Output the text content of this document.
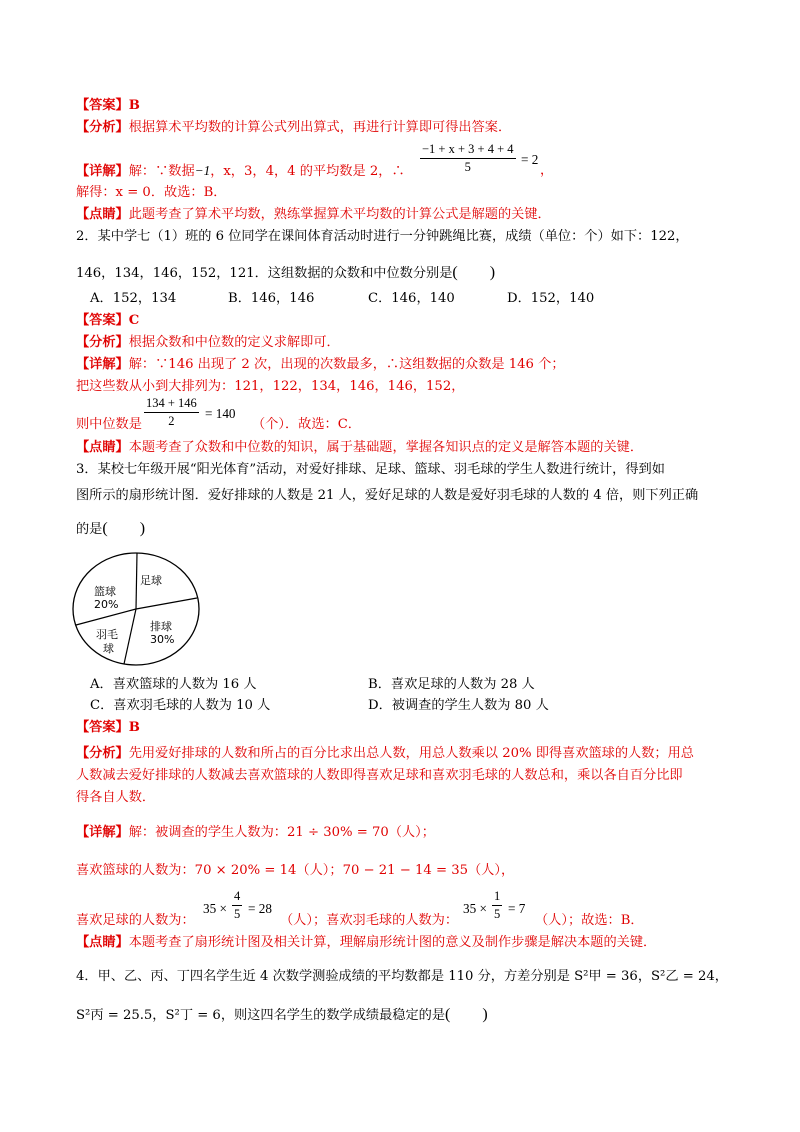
【答案】B
【分析】根据算术平均数的计算公式列出算式，再进行计算即可得出答案．
【详解】解：∵数据−1，x，3，4，4 的平均数是 2，∴
−1 + x + 3 + 4 + 4
5	= 2
，
解得：x = 0．故选：B．
【点睛】此题考查了算术平均数，熟练掌握算术平均数的计算公式是解题的关键．
2．某中学七（1）班的 6 位同学在课间体育活动时进行一分钟跳绳比赛，成绩（单位：个）如下：122，
146，134，146，152，121．这组数据的众数和中位数分别是(　　)
A．152，134	B．146，146	C．146，140	D．152，140
【答案】C
【分析】根据众数和中位数的定义求解即可．
【详解】解：∵146 出现了 2 次，出现的次数最多，∴这组数据的众数是 146 个；
把这些数从小到大排列为：121，122，134，146，146，152，
则中位数是
134 + 146
2	= 140
（个）．故选：C．
【点睛】本题考查了众数和中位数的知识，属于基础题，掌握各知识点的定义是解答本题的关键．
3．某校七年级开展“阳光体育”活动，对爱好排球、足球、篮球、羽毛球的学生人数进行统计，得到如
图所示的扇形统计图．爱好排球的人数是 21 人，爱好足球的人数是爱好羽毛球的人数的 4 倍，则下列正确
的是(　　)
足球
篮球
20%
排球
30%
羽毛
球
A．喜欢篮球的人数为 16 人	B．喜欢足球的人数为 28 人
C．喜欢羽毛球的人数为 10 人	D．被调查的学生人数为 80 人
【答案】B
【分析】先用爱好排球的人数和所占的百分比求出总人数，用总人数乘以 20% 即得喜欢篮球的人数；用总
人数减去爱好排球的人数减去喜欢篮球的人数即得喜欢足球和喜欢羽毛球的人数总和，乘以各自百分比即
得各自人数．
【详解】解：被调查的学生人数为：21 ÷ 30% = 70（人）；
喜欢篮球的人数为：70 × 20% = 14（人）；70 − 21 − 14 = 35（人），
喜欢足球的人数为：
35 ×
4
5 = 28
（人）；喜欢羽毛球的人数为：
35 ×
1
5 = 7
（人）；故选：B．
【点睛】本题考查了扇形统计图及相关计算，理解扇形统计图的意义及制作步骤是解决本题的关键．
4．甲、乙、丙、丁四名学生近 4 次数学测验成绩的平均数都是 110 分，方差分别是 S²甲 = 36，S²乙 = 24，
S²丙 = 25.5，S²丁 = 6，则这四名学生的数学成绩最稳定的是(　　)
